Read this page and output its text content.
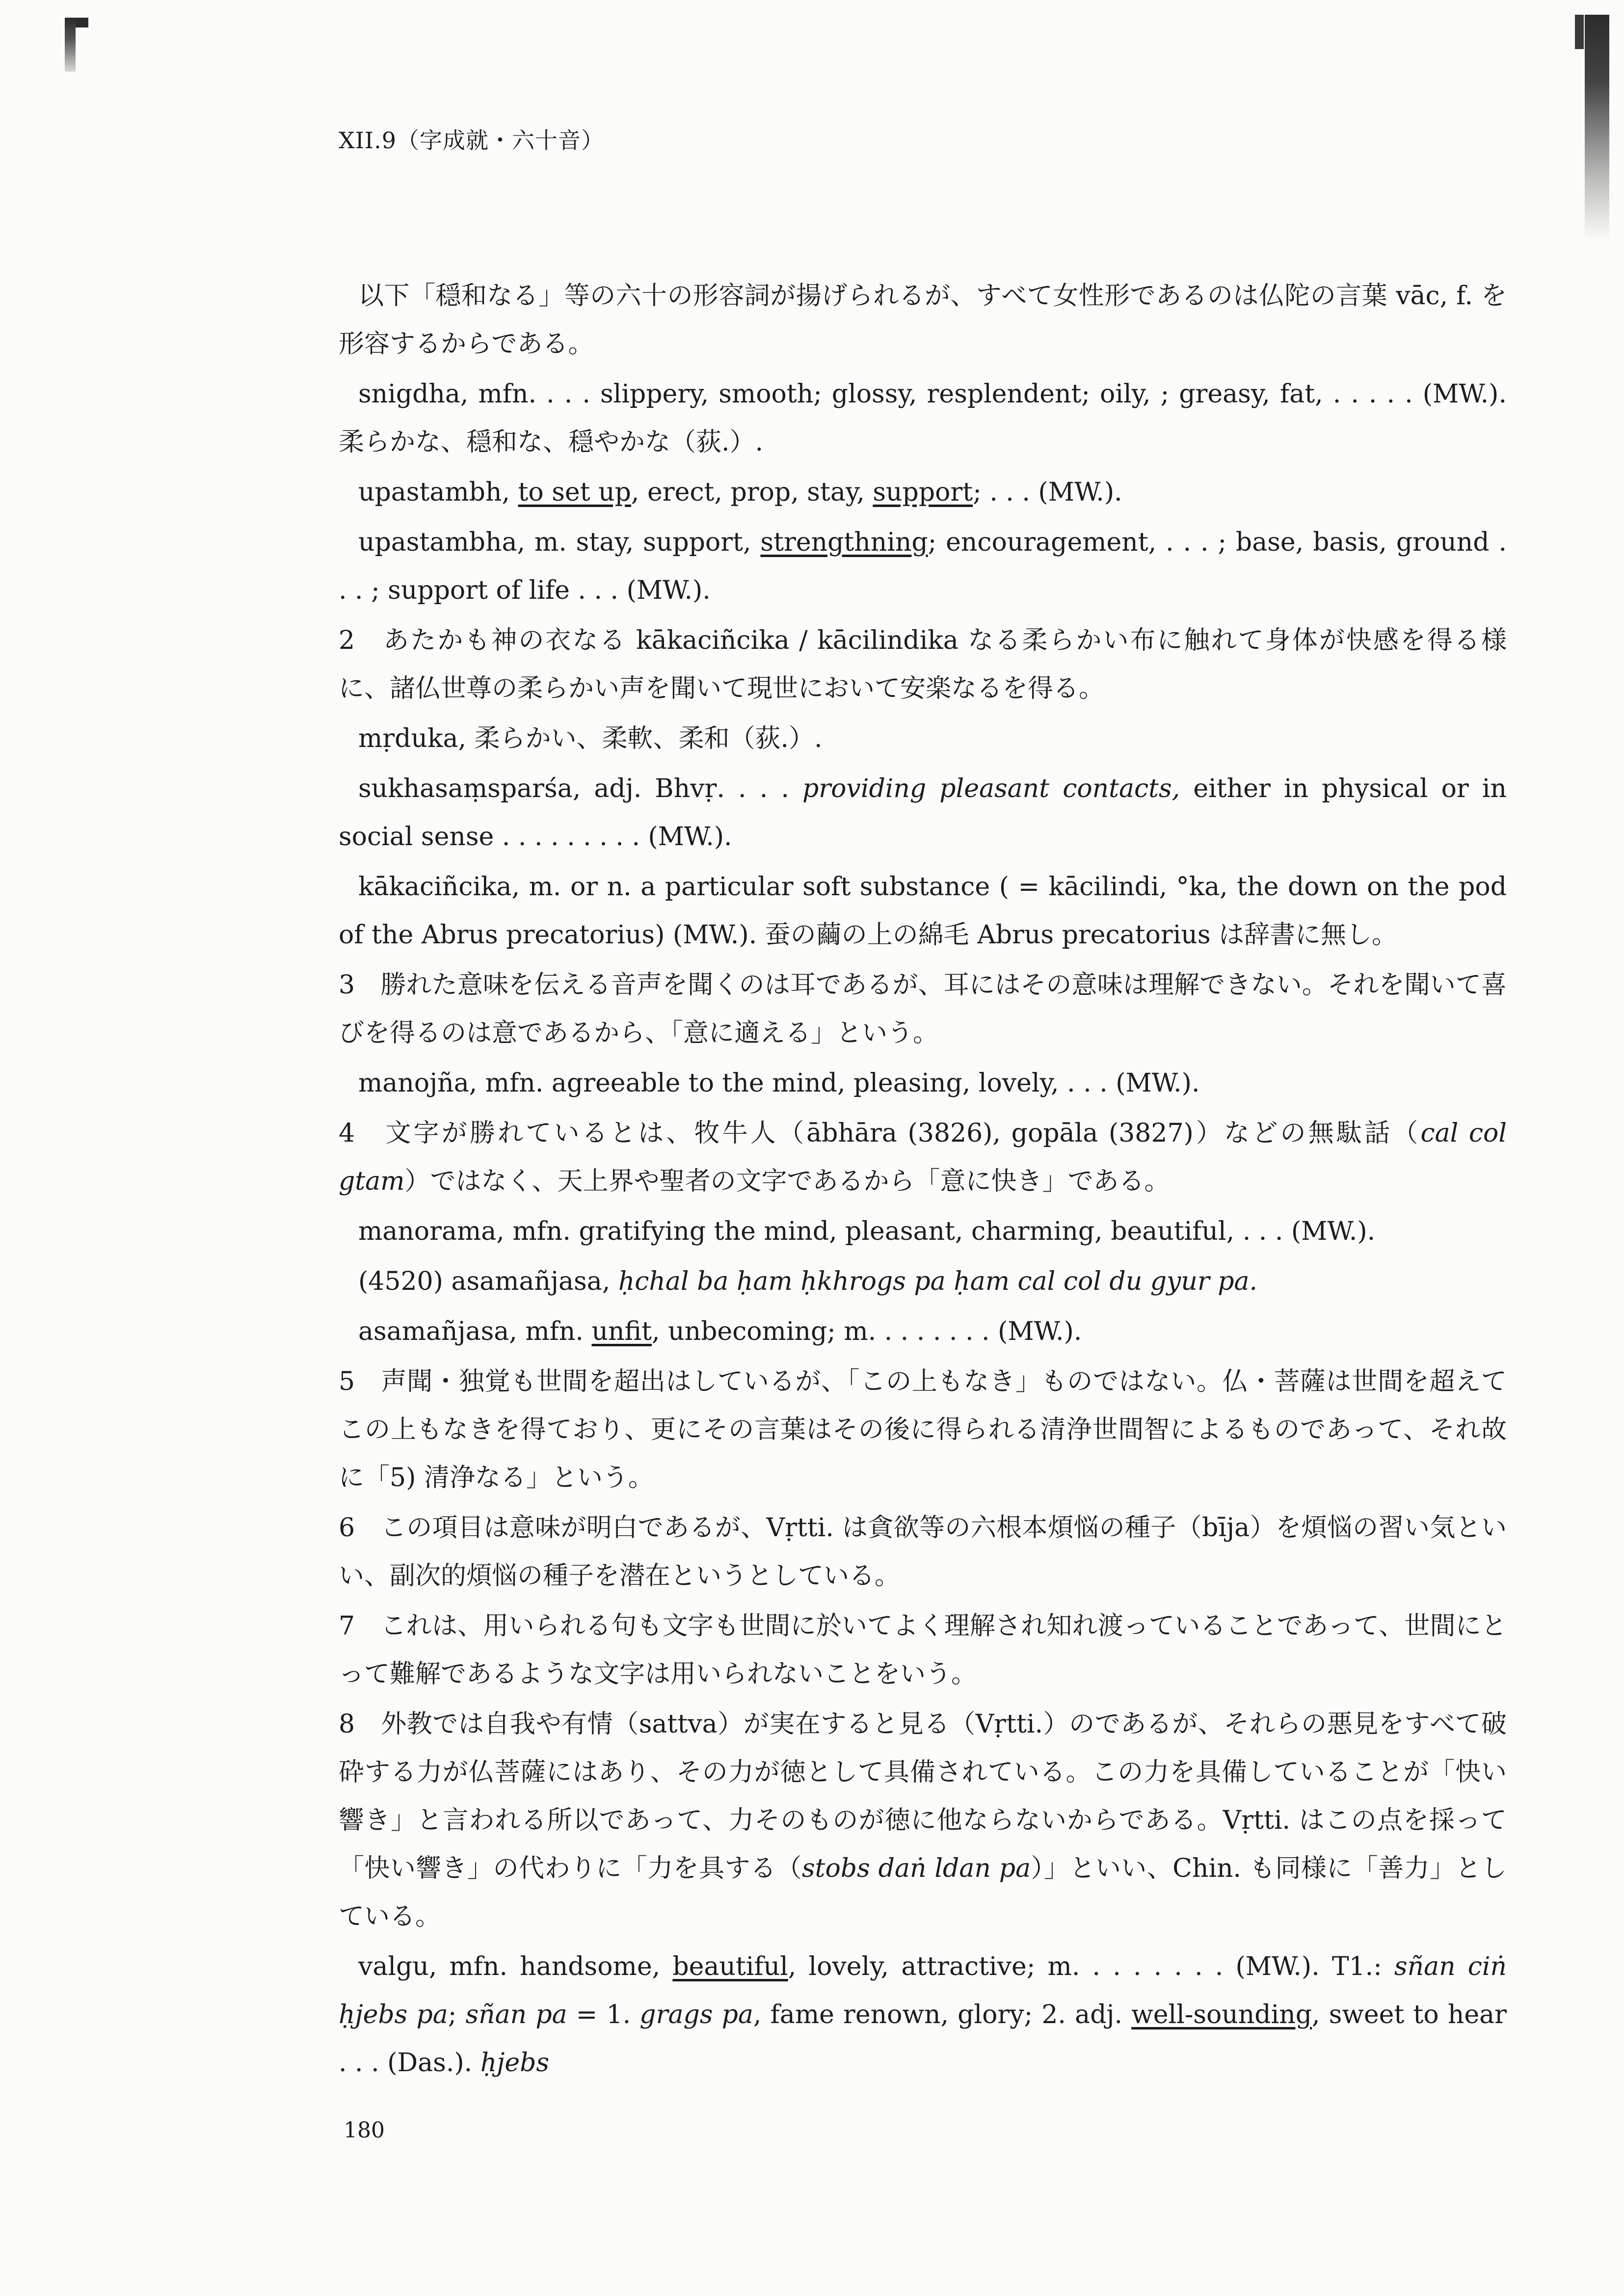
XII.9（字成就・六十音）

以下「穏和なる」等の六十の形容詞が揚げられるが、すべて女性形であるのは仏陀の言葉 vāc, f. を形容するからである。

snigdha, mfn. . . . slippery, smooth; glossy, resplendent; oily, ; greasy, fat, . . . . . (MW.). 柔らかな、穏和な、穏やかな（荻.）.

upastambh, to set up, erect, prop, stay, support; . . . (MW.).

upastambha, m. stay, support, strengthning; encouragement, . . . ; base, basis, ground . . . ; support of life . . . (MW.).

2　あたかも神の衣なる kākaciñcika / kācilindika なる柔らかい布に触れて身体が快感を得る様に、諸仏世尊の柔らかい声を聞いて現世において安楽なるを得る。

mṛduka, 柔らかい、柔軟、柔和（荻.）.

sukhasaṃsparśa, adj. Bhvṛ. . . . providing pleasant contacts, either in physical or in social sense . . . . . . . . . (MW.).

kākaciñcika, m. or n. a particular soft substance ( = kācilindi, °ka, the down on the pod of the Abrus precatorius) (MW.). 蚕の繭の上の綿毛 Abrus precatorius は辞書に無し。

3　勝れた意味を伝える音声を聞くのは耳であるが、耳にはその意味は理解できない。それを聞いて喜びを得るのは意であるから、「意に適える」という。

manojña, mfn. agreeable to the mind, pleasing, lovely, . . . (MW.).

4　文字が勝れているとは、牧牛人（ābhāra (3826), gopāla (3827)）などの無駄話（cal col gtam）ではなく、天上界や聖者の文字であるから「意に快き」である。

manorama, mfn. gratifying the mind, pleasant, charming, beautiful, . . . (MW.).

(4520) asamañjasa, ḥchal ba ḥam ḥkhrogs pa ḥam cal col du gyur pa.

asamañjasa, mfn. unfit, unbecoming; m. . . . . . . . (MW.).

5　声聞・独覚も世間を超出はしているが、「この上もなき」ものではない。仏・菩薩は世間を超えてこの上もなきを得ており、更にその言葉はその後に得られる清浄世間智によるものであって、それ故に「5) 清浄なる」という。

6　この項目は意味が明白であるが、Vṛtti. は貪欲等の六根本煩悩の種子（bīja）を煩悩の習い気といい、副次的煩悩の種子を潜在というとしている。

7　これは、用いられる句も文字も世間に於いてよく理解され知れ渡っていることであって、世間にとって難解であるような文字は用いられないことをいう。

8　外教では自我や有情（sattva）が実在すると見る（Vṛtti.）のであるが、それらの悪見をすべて破砕する力が仏菩薩にはあり、その力が徳として具備されている。この力を具備していることが「快い響き」と言われる所以であって、力そのものが徳に他ならないからである。Vṛtti. はこの点を採って「快い響き」の代わりに「力を具する（stobs daṅ ldan pa）」といい、Chin. も同様に「善力」としている。

valgu, mfn. handsome, beautiful, lovely, attractive; m. . . . . . . . (MW.). T1.: sñan ciṅ ḥjebs pa; sñan pa = 1. grags pa, fame renown, glory; 2. adj. well-sounding, sweet to hear . . . (Das.). ḥjebs

180
